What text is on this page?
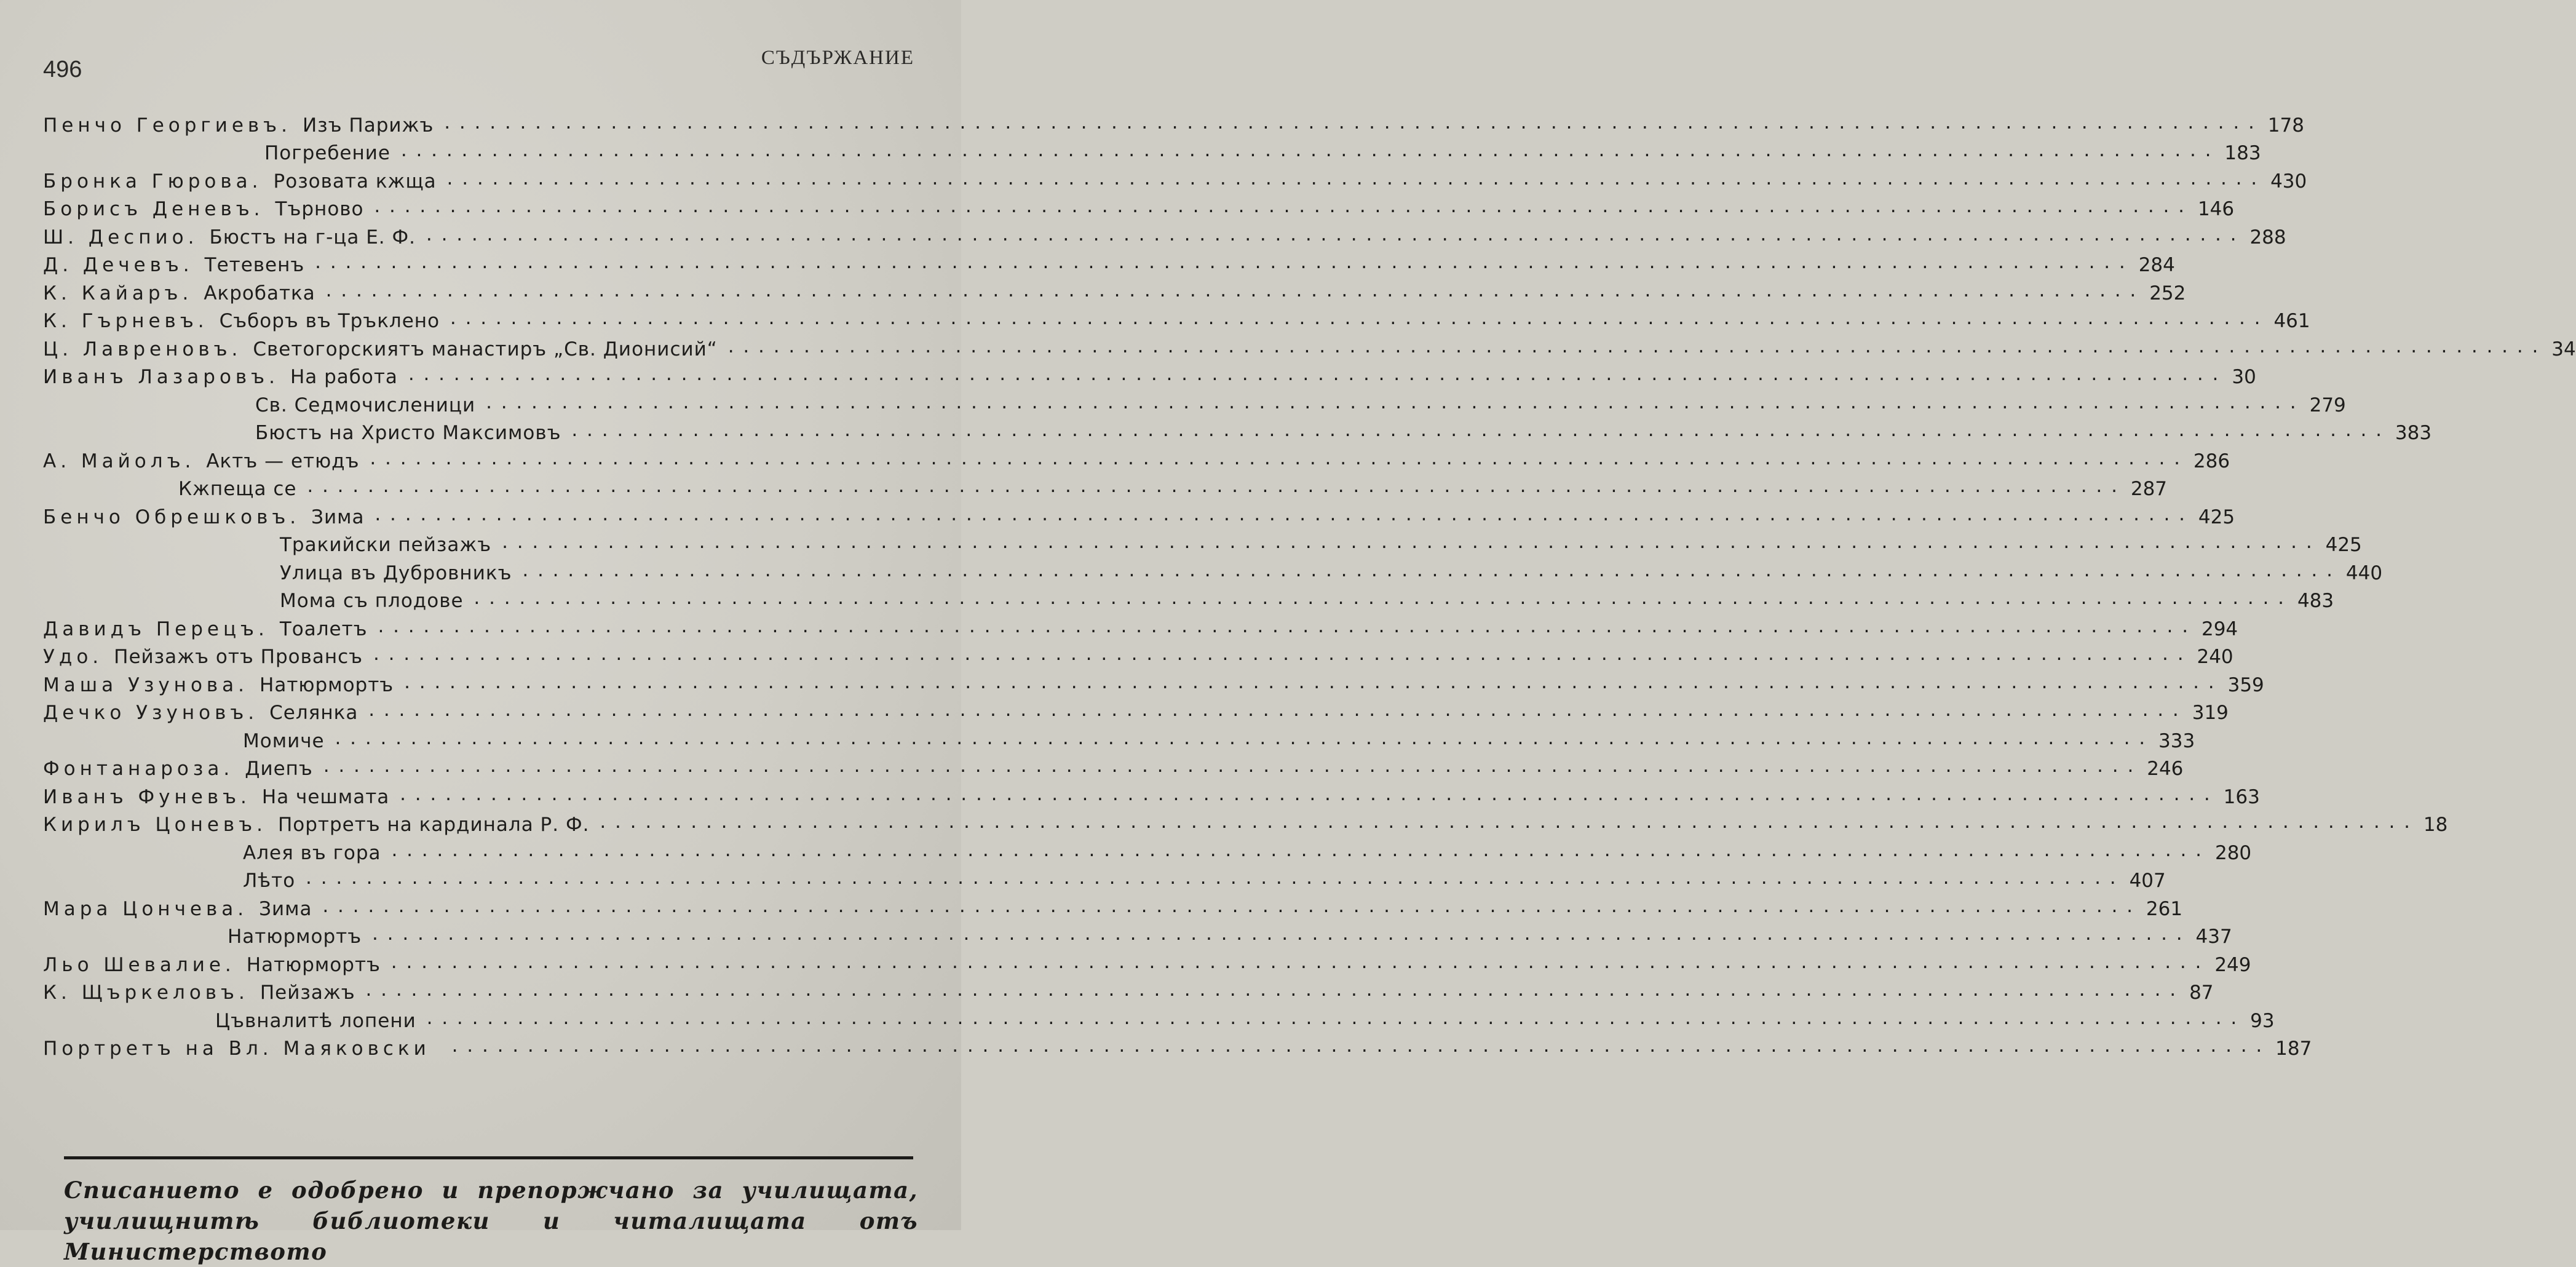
496	СЪДЪРЖАНИЕ
Пенчо Георгиевъ. Изъ Парижъ ........................................................................................................................ 178
Погребение ........................................................................................................................ 183
Бронка Гюрова. Розовата кжща ........................................................................................................................ 430
Борисъ Деневъ. Търново ........................................................................................................................ 146
Ш. Деспио. Бюстъ на г-ца Е. Ф. ........................................................................................................................ 288
Д. Дечевъ. Тетевенъ ........................................................................................................................ 284
К. Кайаръ. Акробатка ........................................................................................................................ 252
К. Гърневъ. Съборъ въ Тръклено ........................................................................................................................ 461
Ц. Лавреновъ. Светогорскиятъ манастиръ „Св. Дионисий“ ........................................................................................................................ 34
Иванъ Лазаровъ. На работа ........................................................................................................................ 30
Св. Седмочисленици ........................................................................................................................ 279
Бюстъ на Христо Максимовъ ........................................................................................................................ 383
А. Майолъ. Актъ — етюдъ ........................................................................................................................ 286
Кжпеща се ........................................................................................................................ 287
Бенчо Обрешковъ. Зима ........................................................................................................................ 425
Тракийски пейзажъ ........................................................................................................................ 425
Улица въ Дубровникъ ........................................................................................................................ 440
Мома съ плодове ........................................................................................................................ 483
Давидъ Перецъ. Тоалетъ ........................................................................................................................ 294
Удо. Пейзажъ отъ Провансъ ........................................................................................................................ 240
Маша Узунова. Натюрмортъ ........................................................................................................................ 359
Дечко Узуновъ. Селянка ........................................................................................................................ 319
Момиче ........................................................................................................................ 333
Фонтанароза. Диепъ ........................................................................................................................ 246
Иванъ Фуневъ. На чешмата ........................................................................................................................ 163
Кирилъ Цоневъ. Портретъ на кардинала Р. Ф. ........................................................................................................................ 18
Алея въ гора ........................................................................................................................ 280
Лѣто ........................................................................................................................ 407
Мара Цончева. Зима ........................................................................................................................ 261
Натюрмортъ ........................................................................................................................ 437
Льо Шевалие. Натюрмортъ ........................................................................................................................ 249
К. Щъркеловъ. Пейзажъ ........................................................................................................................ 87
Цъвналитѣ лопени ........................................................................................................................ 93
Портретъ на Вл. Маяковски ........................................................................................................................ 187
Списанието е одобрено и препоржчано за училищата, училищнитѣ библиотеки и читалищата отъ Министерството
